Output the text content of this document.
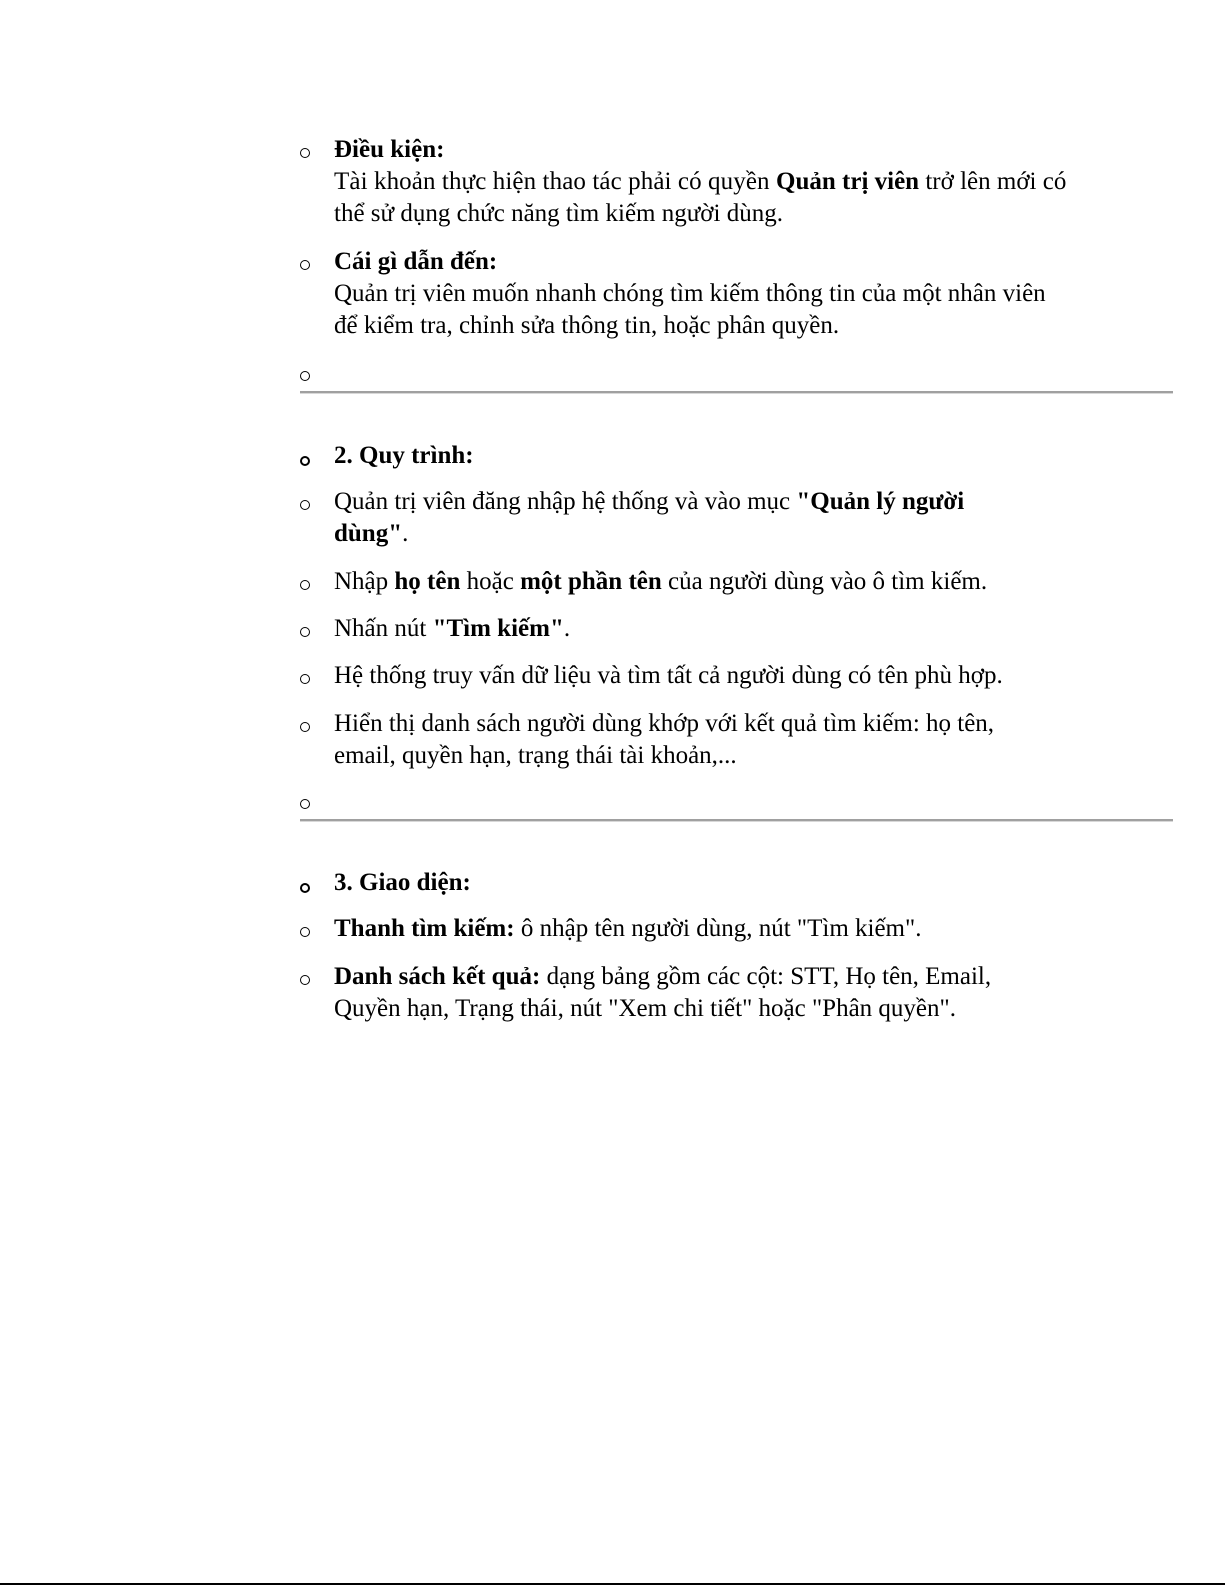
Điều kiện:
Tài khoản thực hiện thao tác phải có quyền Quản trị viên trở lên mới có thể sử dụng chức năng tìm kiếm người dùng.
Cái gì dẫn đến:
Quản trị viên muốn nhanh chóng tìm kiếm thông tin của một nhân viên để kiểm tra, chỉnh sửa thông tin, hoặc phân quyền.
2. Quy trình:
Quản trị viên đăng nhập hệ thống và vào mục "Quản lý người dùng".
Nhập họ tên hoặc một phần tên của người dùng vào ô tìm kiếm.
Nhấn nút "Tìm kiếm".
Hệ thống truy vấn dữ liệu và tìm tất cả người dùng có tên phù hợp.
Hiển thị danh sách người dùng khớp với kết quả tìm kiếm: họ tên, email, quyền hạn, trạng thái tài khoản,...
3. Giao diện:
Thanh tìm kiếm: ô nhập tên người dùng, nút "Tìm kiếm".
Danh sách kết quả: dạng bảng gồm các cột: STT, Họ tên, Email, Quyền hạn, Trạng thái, nút "Xem chi tiết" hoặc "Phân quyền".
